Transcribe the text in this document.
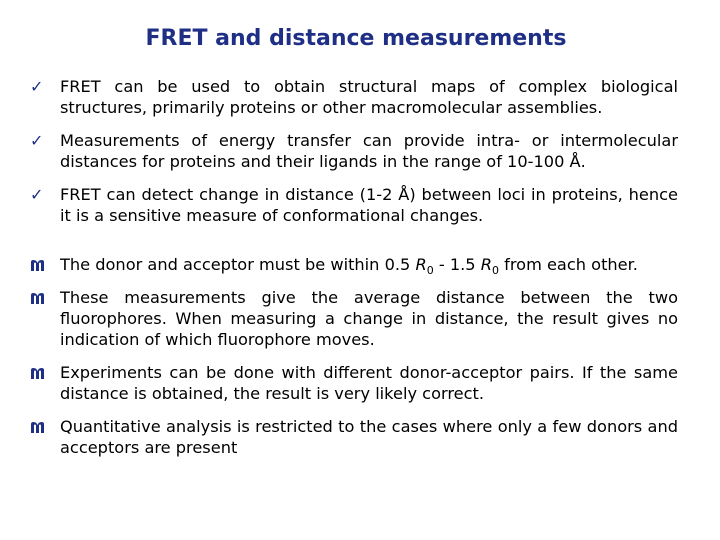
FRET and distance measurements
✓	FRET can be used to obtain structural maps of complex biological structures, primarily proteins or other macromolecular assemblies.
✓	Measurements of energy transfer can provide intra- or intermolecular distances for proteins and their ligands in the range of 10-100 Å.
✓	FRET can detect change in distance (1-2 Å) between loci in proteins, hence it is a sensitive measure of conformational changes.
The donor and acceptor must be within 0.5 $R_0 - 1.5$ $R_0$ from each other.
These measurements give the average distance between the two fluorophores. When measuring a change in distance, the result gives no indication of which fluorophore moves.
Experiments can be done with different donor-acceptor pairs. If the same distance is obtained, the result is very likely correct.
Quantitative analysis is restricted to the cases where only a few donors and acceptors are present
